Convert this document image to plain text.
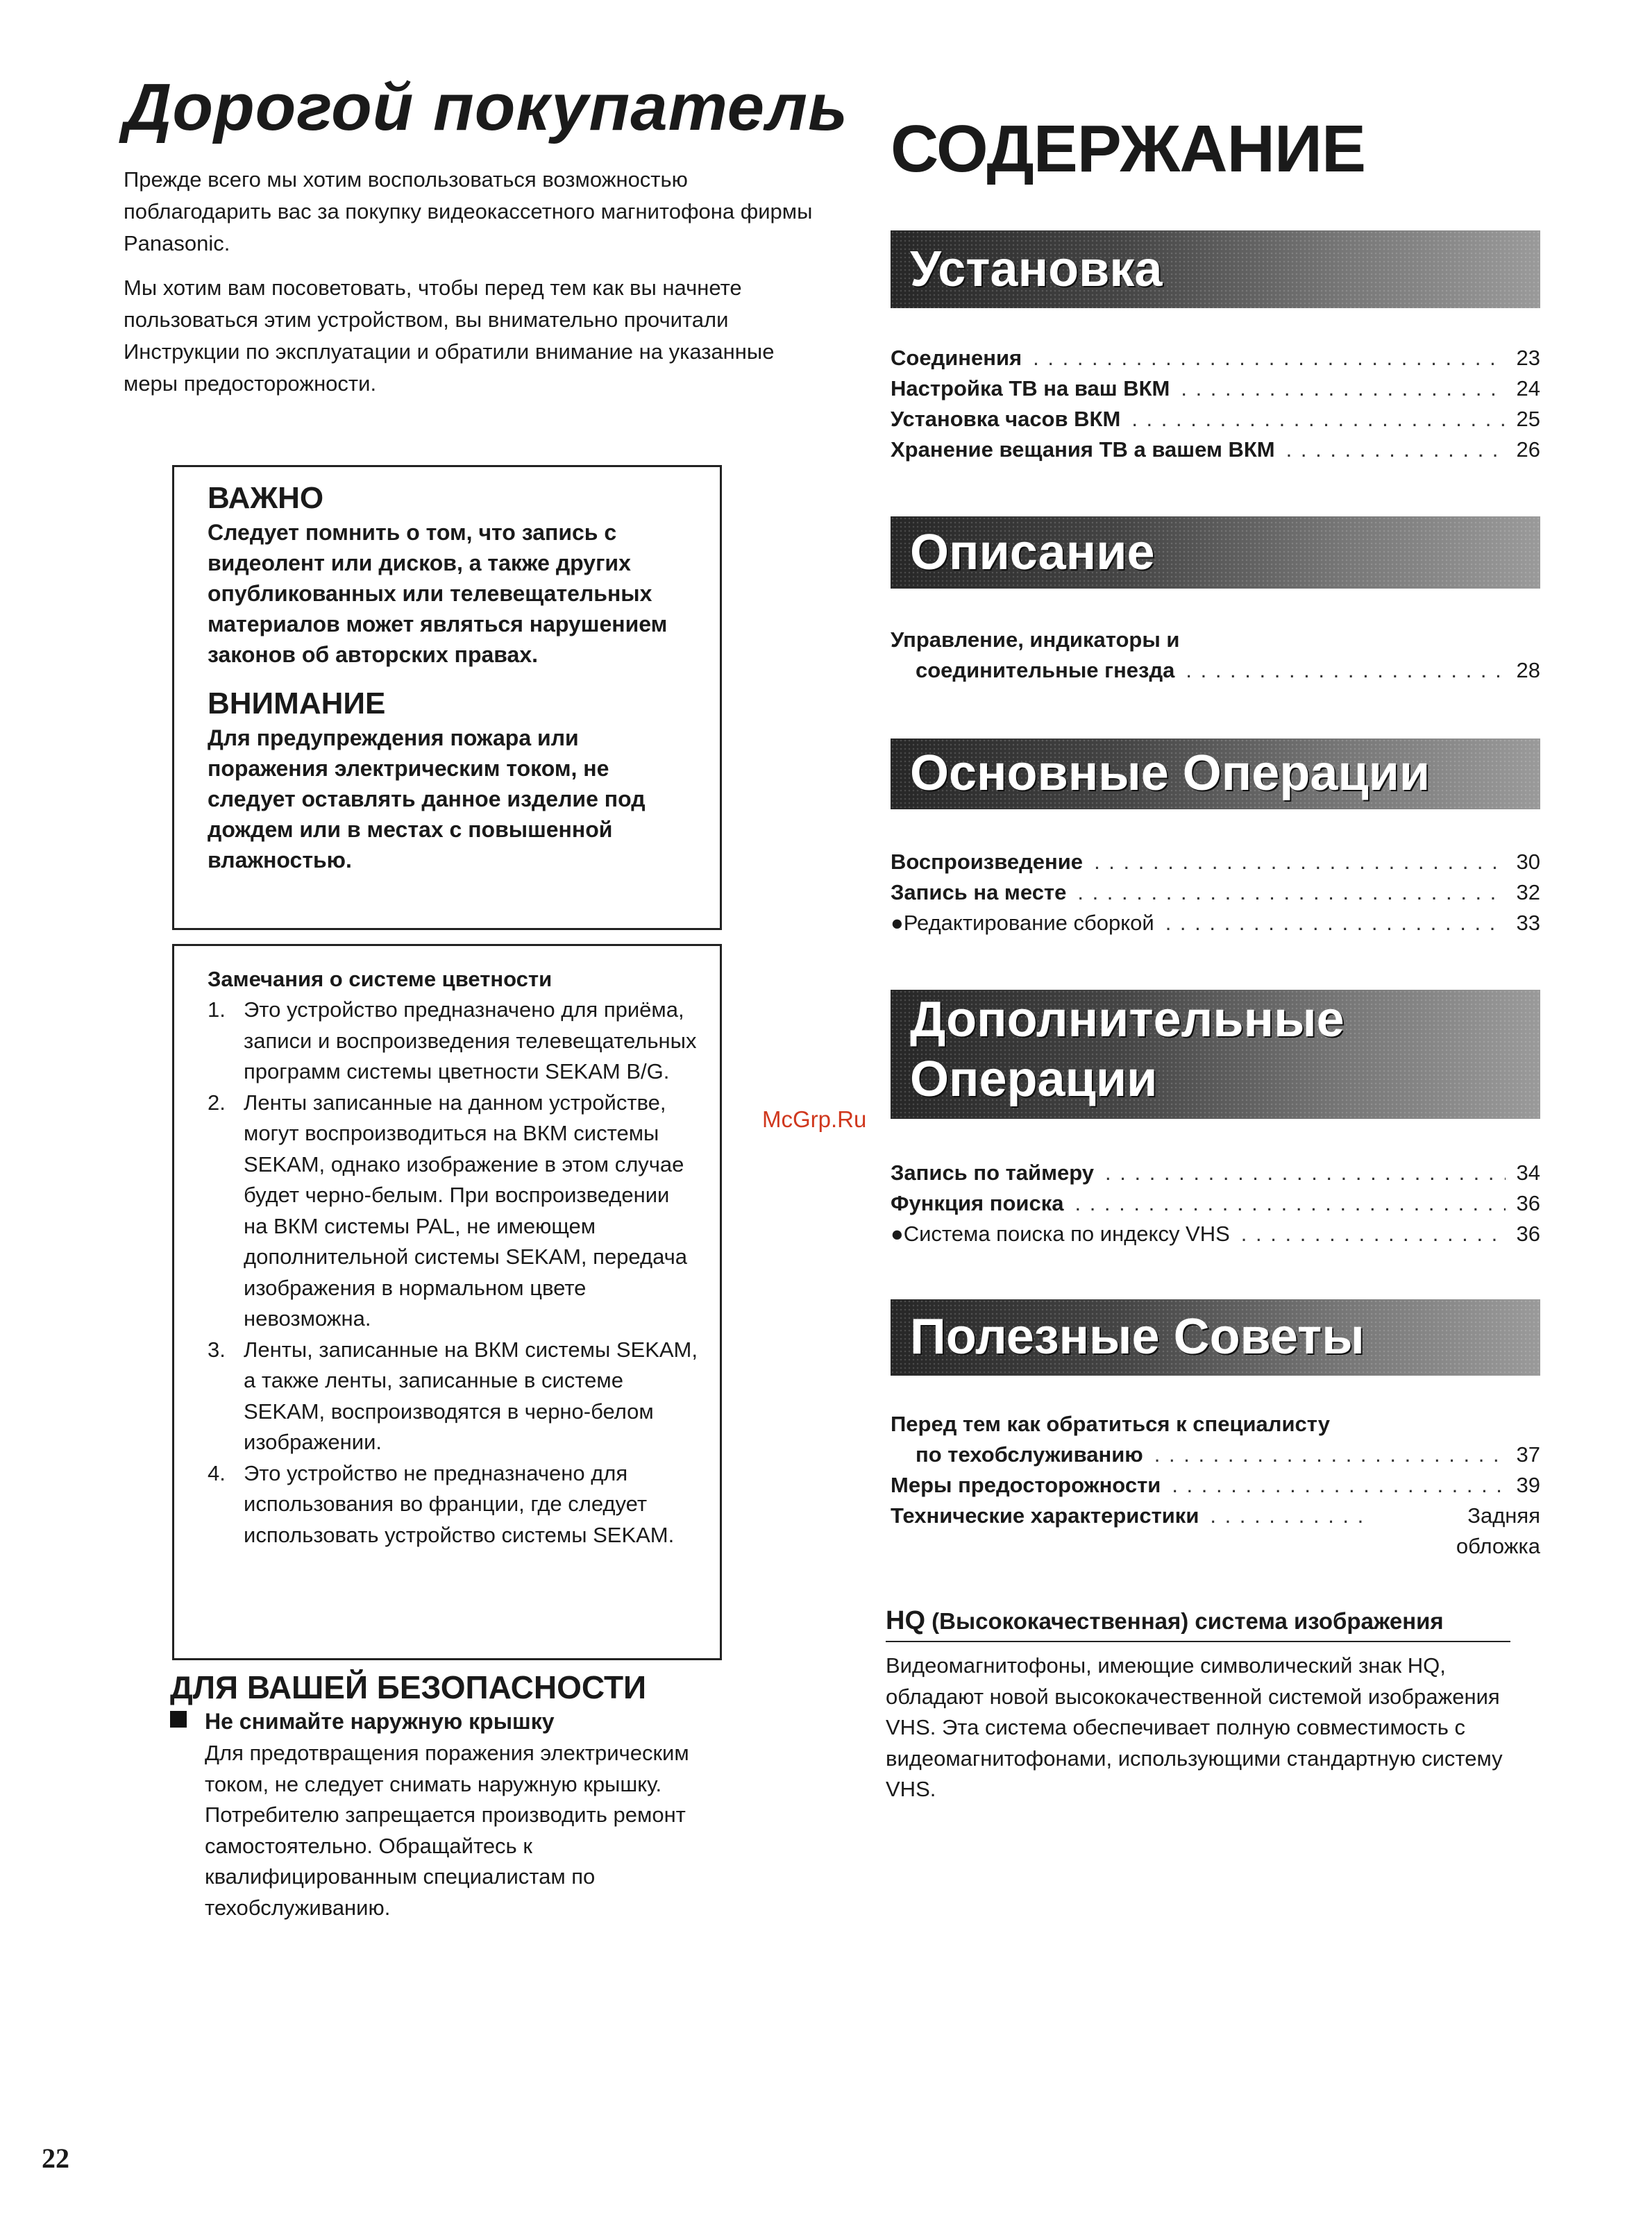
Дорогой покупатель

Прежде всего мы хотим воспользоваться возможностью поблагодарить вас за покупку видеокассетного магнитофона фирмы Panasonic.

Мы хотим вам посоветовать, чтобы перед тем как вы начнете пользоваться этим устройством, вы внимательно прочитали Инструкции по эксплуатации и обратили внимание на указанные меры предосторожности.

ВАЖНО

Следует помнить о том, что запись с видеолент или дисков, а также других опубликованных или телевещательных материалов может являться нарушением законов об авторских правах.

ВНИМАНИЕ

Для предупреждения пожара или поражения электрическим током, не следует оставлять данное изделие под дождем или в местах с повышенной влажностью.

Замечания о системе цветности

1. Это устройство предназначено для приёма, записи и воспроизведения телевещательных программ системы цветности SEKAM B/G.
2. Ленты записанные на данном устройстве, могут воспроизводиться на ВКМ системы SEKAM, однако изображение в этом случае будет черно-белым. При воспроизведении на ВКМ системы PAL, не имеющем дополнительной системы SEKAM, передача изображения в нормальном цвете невозможна.
3. Ленты, записанные на ВКМ системы SEKAM, а также ленты, записанные в системе SEKAM, воспроизводятся в черно-белом изображении.
4. Это устройство не предназначено для использования во франции, где следует использовать устройство системы SEKAM.
ДЛЯ ВАШЕЙ БЕЗОПАСНОСТИ
Не снимайте наружную крышку

Для предотвращения поражения электрическим током, не следует снимать наружную крышку. Потребителю запрещается производить ремонт самостоятельно. Обращайтесь к квалифицированным специалистам по техобслуживанию.

22
СОДЕРЖАНИЕ
Установка
Соединения . . .	23
Настройка ТВ на ваш ВКМ . . .	24
Установка часов ВКМ . . .	25
Хранение вещания ТВ а вашем ВКМ . . .	26
Описание
Управление, индикаторы и
соединительные гнезда . . .	28
Основные Операции
Воспроизведение . . .	30
Запись на месте . . .	32
●Редактирование сборкой . . .	33
Дополнительные
Операции
Запись по таймеру . . .	34
Функция поиска . . .	36
●Система поиска по индексу VHS . . .	36
Полезные Советы
Перед тем как обратиться к специалисту
по техобслуживанию . . .	37
Меры предосторожности . . .	39
Технические характеристики . . .	Задняя
обложка
HQ (Высококачественная) система изображения

Видеомагнитофоны, имеющие символический знак HQ, обладают новой высококачественной системой изображения VHS. Эта система обеспечивает полную совместимость с видеомагнитофонами, использующими стандартную систему VHS.

McGrp.Ru
